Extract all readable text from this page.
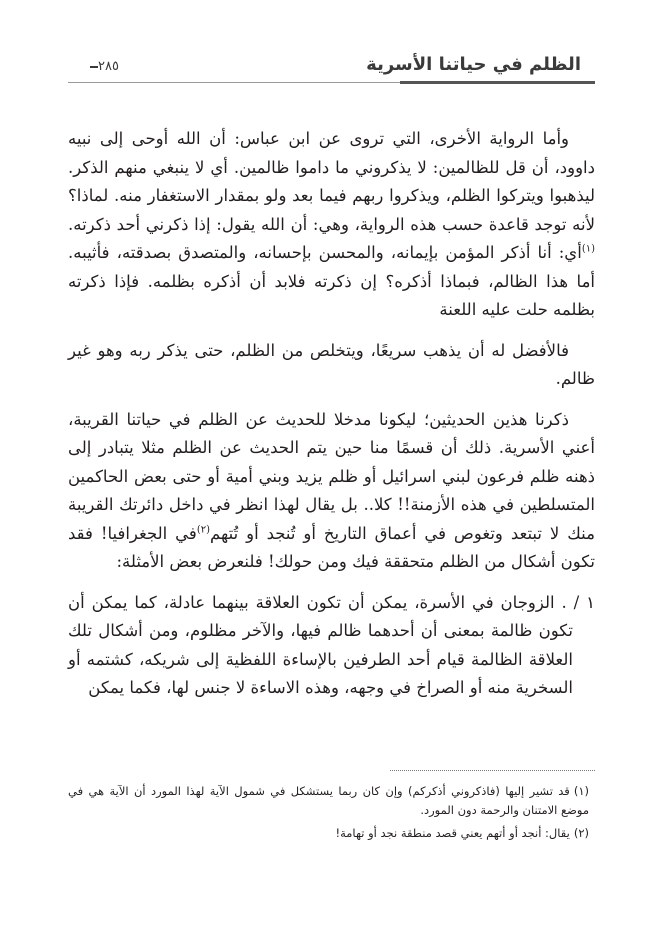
الظلم في حياتنا الأسرية
٢٨٥

وأما الرواية الأخرى، التي تروى عن ابن عباس: أن الله أوحى إلى نبيه داوود، أن قل للظالمين: لا يذكروني ما داموا ظالمين. أي لا ينبغي منهم الذكر. ليذهبوا ويتركوا الظلم، ويذكروا ربهم فيما بعد ولو بمقدار الاستغفار منه. لماذا؟ لأنه توجد قاعدة حسب هذه الرواية، وهي: أن الله يقول: إذا ذكرني أحد ذكرته.$^{(١)}$أي: أنا أذكر المؤمن بإيمانه، والمحسن بإحسانه، والمتصدق بصدقته، فأثيبه. أما هذا الظالم، فبماذا أذكره؟ إن ذكرته فلابد أن أذكره بظلمه. فإذا ذكرته بظلمه حلت عليه اللعنة

فالأفضل له أن يذهب سريعًا، ويتخلص من الظلم، حتى يذكر ربه وهو غير ظالم.

ذكرنا هذين الحديثين؛ ليكونا مدخلا للحديث عن الظلم في حياتنا القريبة، أعني الأسرية. ذلك أن قسمًا منا حين يتم الحديث عن الظلم مثلا يتبادر إلى ذهنه ظلم فرعون لبني اسرائيل أو ظلم يزيد وبني أمية أو حتى بعض الحاكمين المتسلطين في هذه الأزمنة!! كلا.. بل يقال لهذا انظر في داخل دائرتك القريبة منك لا تبتعد وتغوص في أعماق التاريخ أو تُنجد أو تُتهم$^{(٢)}$في الجغرافيا! فقد تكون أشكال من الظلم متحققة فيك ومن حولك! فلنعرض بعض الأمثلة:

١ / . الزوجان في الأسرة، يمكن أن تكون العلاقة بينهما عادلة، كما يمكن أن تكون ظالمة بمعنى أن أحدهما ظالم فيها، والآخر مظلوم، ومن أشكال تلك العلاقة الظالمة قيام أحد الطرفين بالإساءة اللفظية إلى شريكه، كشتمه أو السخرية منه أو الصراخ في وجهه، وهذه الاساءة لا جنس لها، فكما يمكن

(١)قد تشير إليها (فاذكروني أذكركم) وإن كان ربما يستشكل في شمول الآية لهذا المورد أن الآية هي في موضع الامتنان والرحمة دون المورد.

(٢)يقال: أنجد أو أتهم يعني قصد منطقة نجد أو تهامة!
